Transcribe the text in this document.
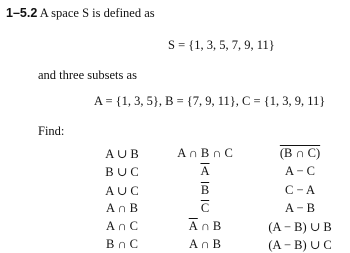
1–5.2 A space S is defined as
S = {1, 3, 5, 7, 9, 11}
and three subsets as
A = {1, 3, 5}, B = {7, 9, 11}, C = {1, 3, 9, 11}
Find:
A ∪ B
B ∪ C
A ∪ C
A ∩ B
A ∩ C
B ∩ C
A ∩ B ∩ C
$\overline{A}$
$\overline{B}$
$\overline{C}$
$\overline{A}$ ∩ B
A ∩ B
(B ∩ C)
A − C
C − A
A − B
(A − B) ∪ B
(A − B) ∪ C
